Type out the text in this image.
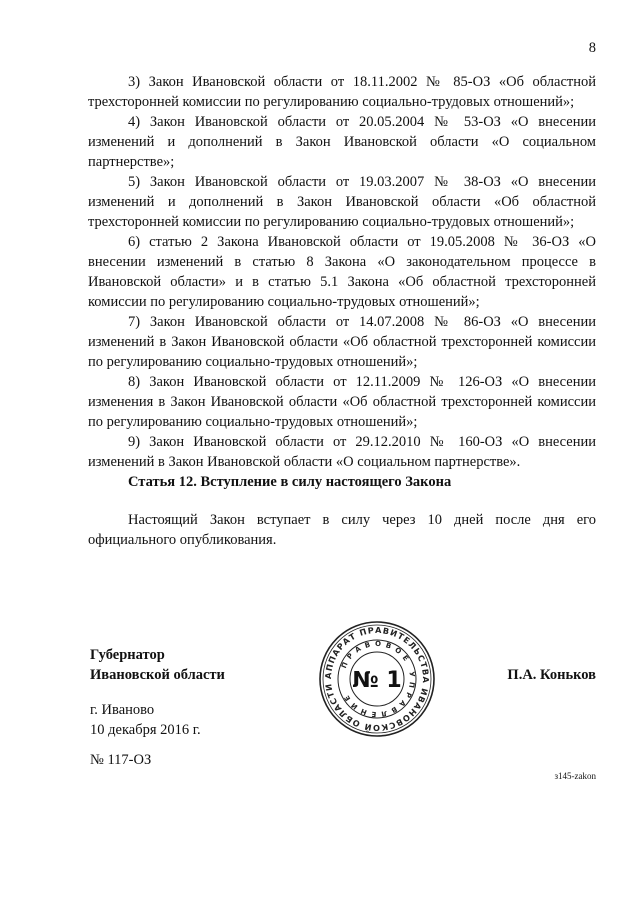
8

3) Закон Ивановской области от 18.11.2002 № 85-ОЗ «Об областной трехсторонней комиссии по регулированию социально-трудовых отношений»;

4) Закон Ивановской области от 20.05.2004 № 53-ОЗ «О внесении изменений и дополнений в Закон Ивановской области «О социальном партнерстве»;

5) Закон Ивановской области от 19.03.2007 № 38-ОЗ «О внесении изменений и дополнений в Закон Ивановской области «Об областной трехсторонней комиссии по регулированию социально-трудовых отношений»;

6) статью 2 Закона Ивановской области от 19.05.2008 № 36-ОЗ «О внесении изменений в статью 8 Закона «О законодательном процессе в Ивановской области» и в статью 5.1 Закона «Об областной трехсторонней комиссии по регулированию социально-трудовых отношений»;

7) Закон Ивановской области от 14.07.2008 № 86-ОЗ «О внесении изменений в Закон Ивановской области «Об областной трехсторонней комиссии по регулированию социально-трудовых отношений»;

8) Закон Ивановской области от 12.11.2009 № 126-ОЗ «О внесении изменения в Закон Ивановской области «Об областной трехсторонней комиссии по регулированию социально-трудовых отношений»;

9) Закон Ивановской области от 29.12.2010 № 160-ОЗ «О внесении изменений в Закон Ивановской области «О социальном партнерстве».

Статья 12. Вступление в силу настоящего Закона

Настоящий Закон вступает в силу через 10 дней после дня его официального опубликования.

Губернатор
Ивановской области	П.А. Коньков

г. Иваново
10 декабря 2016 г.

№ 117-ОЗ

з145-zakon
АППАРАТ ПРАВИТЕЛЬСТВА ИВАНОВСКОЙ ОБЛАСТИ
ПРАВОВОЕ УПРАВЛЕНИЕ
№ 1
